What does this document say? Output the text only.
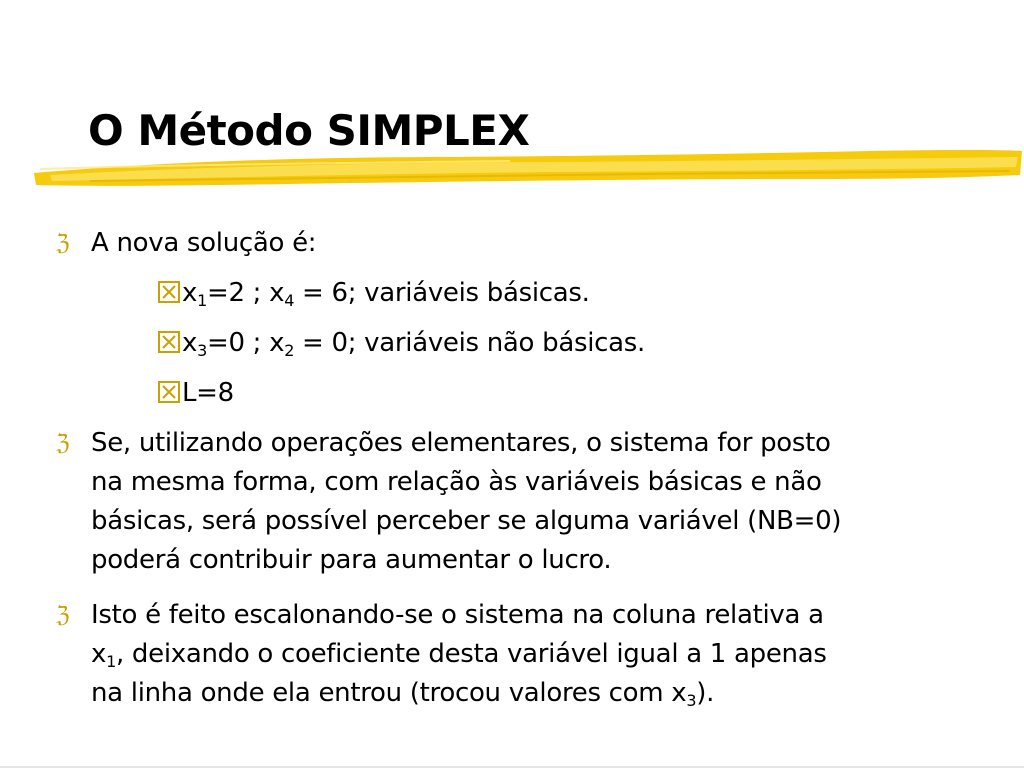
O Método SIMPLEX
ℨ A nova solução é:
$x_1=2$ ; $x_4 = 6$; variáveis básicas.
$x_3=0$ ; $x_2 = 0$; variáveis não básicas.
L=8
ℨ Se, utilizando operações elementares, o sistema for posto
na mesma forma, com relação às variáveis básicas e não
básicas, será possível perceber se alguma variável (NB=0)
poderá contribuir para aumentar o lucro.
ℨ Isto é feito escalonando-se o sistema na coluna relativa a
$x_1$, deixando o coeficiente desta variável igual a 1 apenas
na linha onde ela entrou (trocou valores com $x_3$).
